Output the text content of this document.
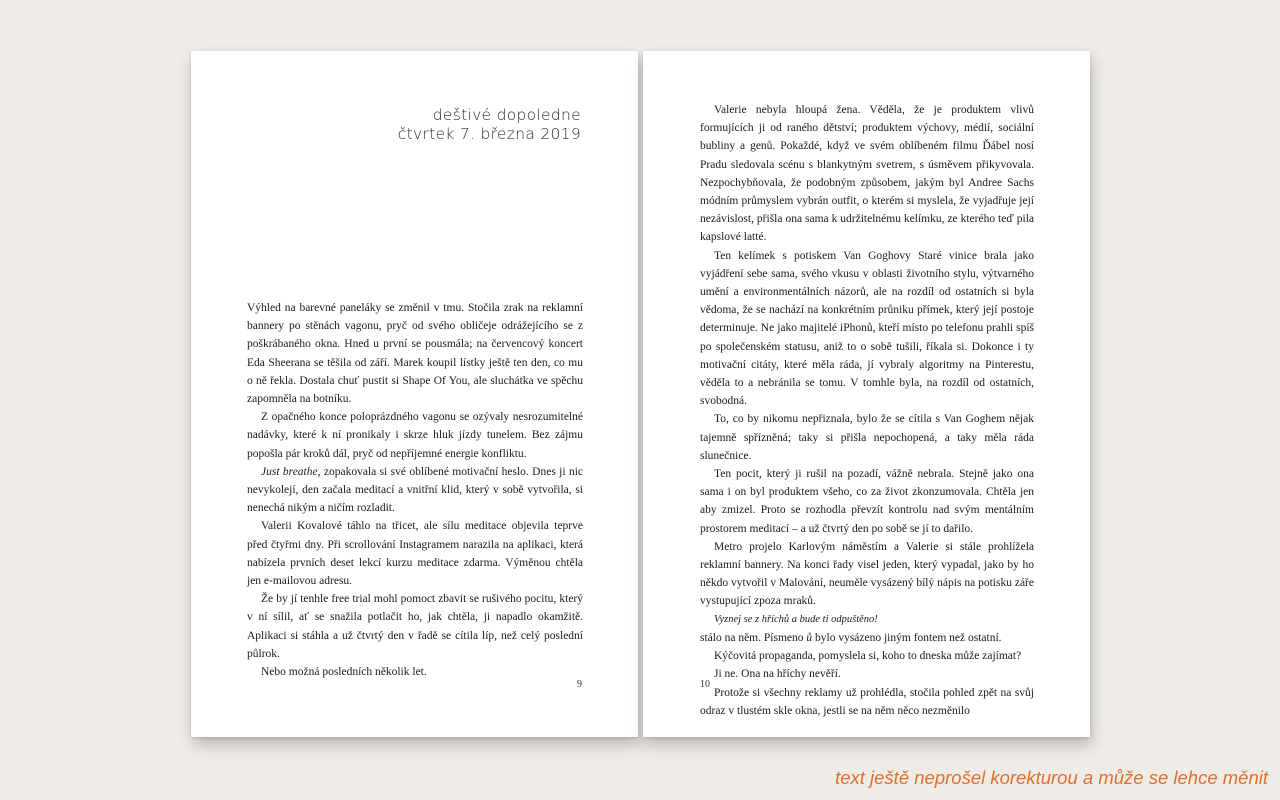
deštivé dopoledne
čtvrtek 7. března 2019

Výhled na barevné paneláky se změnil v tmu. Stočila zrak na reklamní bannery po stěnách vagonu, pryč od svého obličeje odrážejícího se z poškrábaného okna. Hned u první se pousmála; na červencový koncert Eda Sheerana se těšila od září. Marek koupil lístky ještě ten den, co mu o ně řekla. Dostala chuť pustit si Shape Of You, ale sluchátka ve spěchu zapomněla na botníku.

Z opačného konce poloprázdného vagonu se ozývaly nesrozumitelné nadávky, které k ní pronikaly i skrze hluk jízdy tunelem. Bez zájmu popošla pár kroků dál, pryč od nepříjemné energie konfliktu.

Just breathe, zopakovala si své oblíbené motivační heslo. Dnes ji nic nevykolejí, den začala meditací a vnitřní klid, který v sobě vytvořila, si nenechá nikým a ničím rozladit.

Valerii Kovalové táhlo na třicet, ale sílu meditace objevila teprve před čtyřmi dny. Při scrollování Instagramem narazila na aplikaci, která nabízela prvních deset lekcí kurzu meditace zdarma. Výměnou chtěla jen e-mailovou adresu.

Že by jí tenhle free trial mohl pomoct zbavit se rušivého pocitu, který v ní sílil, ať se snažila potlačit ho, jak chtěla, ji napadlo okamžitě. Aplikaci si stáhla a už čtvrtý den v řadě se cítila líp, než celý poslední půlrok.

Nebo možná posledních několik let.

9

Valerie nebyla hloupá žena. Věděla, že je produktem vlivů formujících ji od raného dětství; produktem výchovy, médií, sociální bubliny a genů. Pokaždé, když ve svém oblíbeném filmu Ďábel nosí Pradu sledovala scénu s blankytným svetrem, s úsměvem přikyvovala. Nezpochybňovala, že podobným způsobem, jakým byl Andree Sachs módním průmyslem vybrán outfit, o kterém si myslela, že vyjadřuje její nezávislost, přišla ona sama k udržitelnému kelímku, ze kterého teď pila kapslové latté.

Ten kelímek s potiskem Van Goghovy Staré vinice brala jako vyjádření sebe sama, svého vkusu v oblasti životního stylu, výtvarného umění a environmentálních názorů, ale na rozdíl od ostatních si byla vědoma, že se nachází na konkrétním průniku přímek, který její postoje determinuje. Ne jako majitelé iPhonů, kteří místo po telefonu prahli spíš po společenském statusu, aniž to o sobě tušili, říkala si. Dokonce i ty motivační citáty, které měla ráda, jí vybraly algoritmy na Pinterestu, věděla to a nebránila se tomu. V tomhle byla, na rozdíl od ostatních, svobodná.

To, co by nikomu nepřiznala, bylo že se cítila s Van Goghem nějak tajemně spřízněná; taky si přišla nepochopená, a taky měla ráda slunečnice.

Ten pocit, který ji rušil na pozadí, vážně nebrala. Stejně jako ona sama i on byl produktem všeho, co za život zkonzumovala. Chtěla jen aby zmizel. Proto se rozhodla převzít kontrolu nad svým mentálním prostorem meditací – a už čtvrtý den po sobě se jí to dařilo.

Metro projelo Karlovým náměstím a Valerie si stále prohlížela reklamní bannery. Na konci řady visel jeden, který vypadal, jako by ho někdo vytvořil v Malování, neuměle vysázený bílý nápis na potisku záře vystupující zpoza mraků.

Vyznej se z hříchů a bude ti odpuštěno!

stálo na něm. Písmeno ů bylo vysázeno jiným fontem než ostatní.

Kýčovitá propaganda, pomyslela si, koho to dneska může zajímat?

Ji ne. Ona na hříchy nevěří.

Protože si všechny reklamy už prohlédla, stočila pohled zpět na svůj odraz v tlustém skle okna, jestli se na něm něco nezměnilo

10
text ještě neprošel korekturou a může se lehce měnit
